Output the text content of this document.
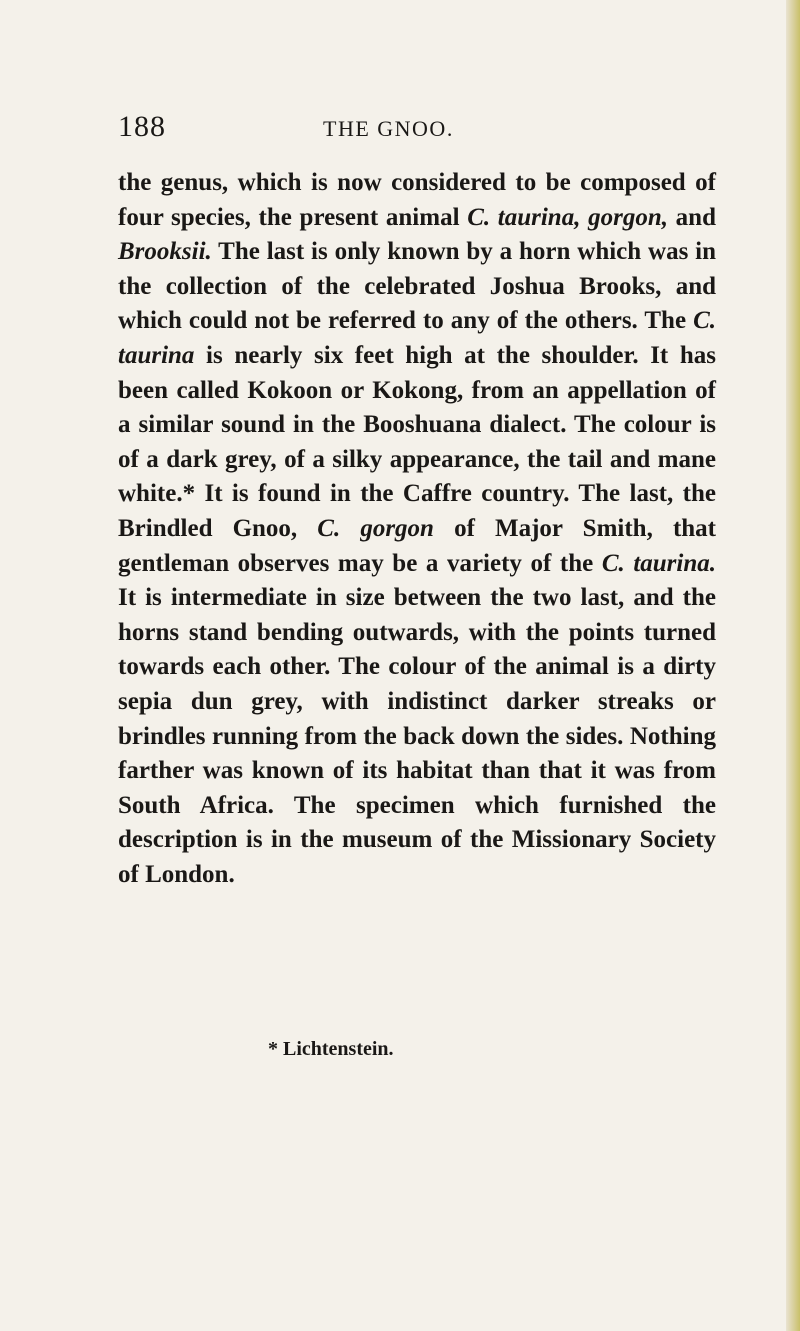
188	THE GNOO.

the genus, which is now considered to be composed of four species, the present animal C. taurina, gorgon, and Brooksii. The last is only known by a horn which was in the collection of the celebrated Joshua Brooks, and which could not be referred to any of the others. The C. taurina is nearly six feet high at the shoulder. It has been called Kokoon or Kokong, from an appellation of a similar sound in the Booshuana dialect. The colour is of a dark grey, of a silky appearance, the tail and mane white.* It is found in the Caffre country. The last, the Brindled Gnoo, C. gorgon of Major Smith, that gentleman observes may be a variety of the C. taurina. It is intermediate in size between the two last, and the horns stand bending outwards, with the points turned towards each other. The colour of the animal is a dirty sepia dun grey, with indistinct darker streaks or brindles running from the back down the sides. Nothing farther was known of its habitat than that it was from South Africa. The specimen which furnished the description is in the museum of the Missionary Society of London.

* Lichtenstein.
